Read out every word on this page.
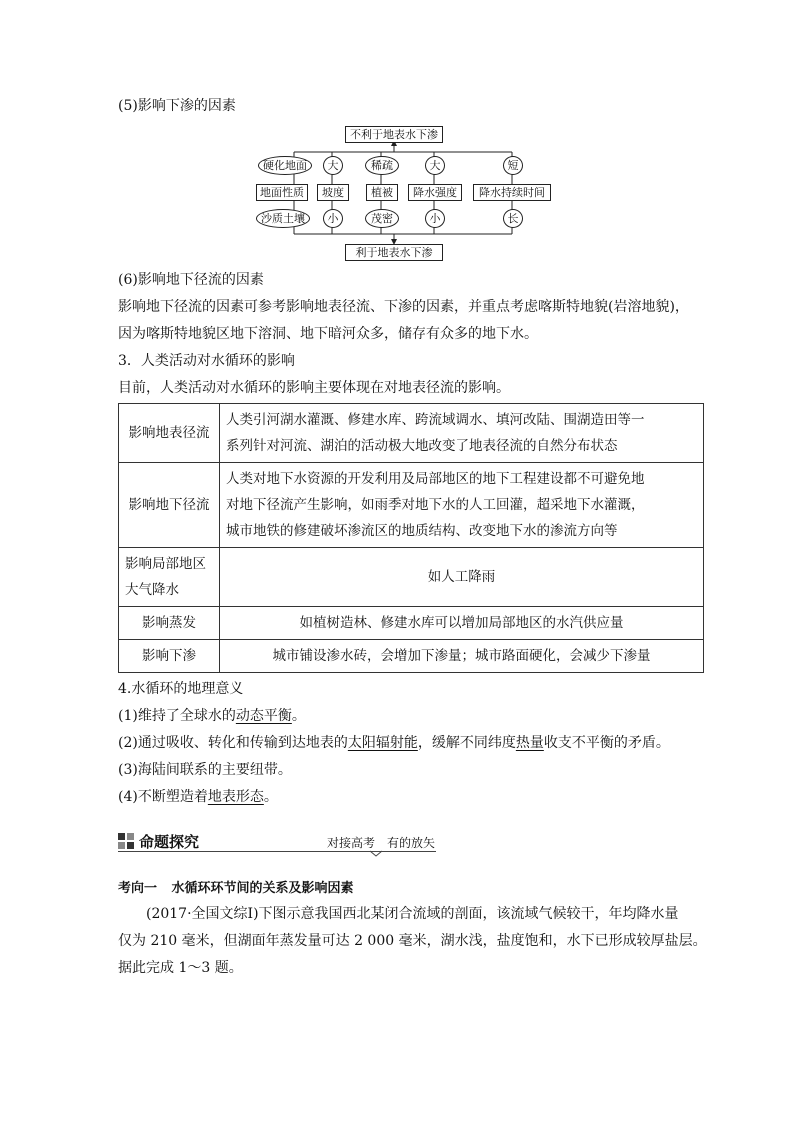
(5)影响下渗的因素
不利于地表水下渗
利于地表水下渗
硬化地面
地面性质
沙质土壤
大
坡度
小
稀疏
植被
茂密
大
降水强度
小
短
降水持续时间
长
(6)影响地下径流的因素
影响地下径流的因素可参考影响地表径流、下渗的因素，并重点考虑喀斯特地貌(岩溶地貌)，
因为喀斯特地貌区地下溶洞、地下暗河众多，储存有众多的地下水。
3．人类活动对水循环的影响
目前，人类活动对水循环的影响主要体现在对地表径流的影响。
影响地表径流	人类引河湖水灌溉、修建水库、跨流域调水、填河改陆、围湖造田等一
系列针对河流、湖泊的活动极大地改变了地表径流的自然分布状态

影响地下径流	人类对地下水资源的开发利用及局部地区的地下工程建设都不可避免地
对地下径流产生影响，如雨季对地下水的人工回灌，超采地下水灌溉，
城市地铁的修建破坏渗流区的地质结构、改变地下水的渗流方向等

影响局部地区
大气降水	如人工降雨
影响蒸发	如植树造林、修建水库可以增加局部地区的水汽供应量
影响下渗	城市铺设渗水砖，会增加下渗量；城市路面硬化，会减少下渗量
4.水循环的地理意义
(1)维持了全球水的动态平衡。
(2)通过吸收、转化和传输到达地表的太阳辐射能，缓解不同纬度热量收支不平衡的矛盾。
(3)海陆间联系的主要纽带。
(4)不断塑造着地表形态。
命题探究	对接高考　有的放矢
考向一 水循环环节间的关系及影响因素
(2017·全国文综Ⅰ)下图示意我国西北某闭合流域的剖面，该流域气候较干，年均降水量
仅为 210 毫米，但湖面年蒸发量可达 2 000 毫米，湖水浅，盐度饱和，水下已形成较厚盐层。
据此完成 1～3 题。
